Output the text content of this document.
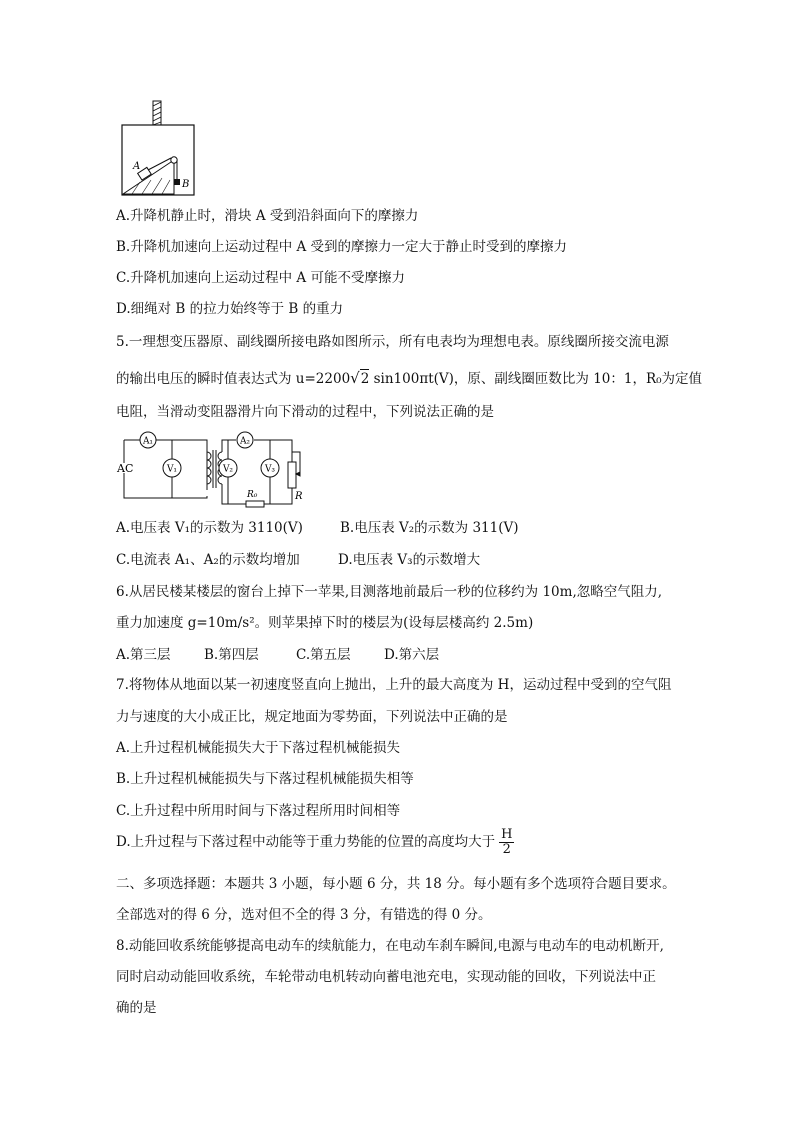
A
B
A.升降机静止时，滑块 A 受到沿斜面向下的摩擦力
B.升降机加速向上运动过程中 A 受到的摩擦力一定大于静止时受到的摩擦力
C.升降机加速向上运动过程中 A 可能不受摩擦力
D.细绳对 B 的拉力始终等于 B 的重力
5.一理想变压器原、副线圈所接电路如图所示，所有电表均为理想电表。原线圈所接交流电源
的输出电压的瞬时值表达式为 u=2200√2 sin100πt(V)，原、副线圈匝数比为 10：1，R₀为定值
电阻，当滑动变阻器滑片向下滑动的过程中，下列说法正确的是
A₁
V₁
A₂
V₂	V₃
AC
R₀	R
A.电压表 V₁的示数为 3110(V)	B.电压表 V₂的示数为 311(V)
C.电流表 A₁、A₂的示数均增加	D.电压表 V₃的示数增大
6.从居民楼某楼层的窗台上掉下一苹果,目测落地前最后一秒的位移约为 10m,忽略空气阻力,
重力加速度 g=10m/s²。则苹果掉下时的楼层为(设每层楼高约 2.5m)
A.第三层 B.第四层	C.第五层 D.第六层
7.将物体从地面以某一初速度竖直向上抛出，上升的最大高度为 H，运动过程中受到的空气阻
力与速度的大小成正比，规定地面为零势面，下列说法中正确的是
A.上升过程机械能损失大于下落过程机械能损失
B.上升过程机械能损失与下落过程机械能损失相等
C.上升过程中所用时间与下落过程所用时间相等
D.上升过程与下落过程中动能等于重力势能的位置的高度均大于 $\frac{H}{2}$
二、多项选择题：本题共 3 小题，每小题 6 分，共 18 分。每小题有多个选项符合题目要求。
全部选对的得 6 分，选对但不全的得 3 分，有错选的得 0 分。
8.动能回收系统能够提高电动车的续航能力，在电动车刹车瞬间,电源与电动车的电动机断开,
同时启动动能回收系统，车轮带动电机转动向蓄电池充电，实现动能的回收，下列说法中正
确的是
